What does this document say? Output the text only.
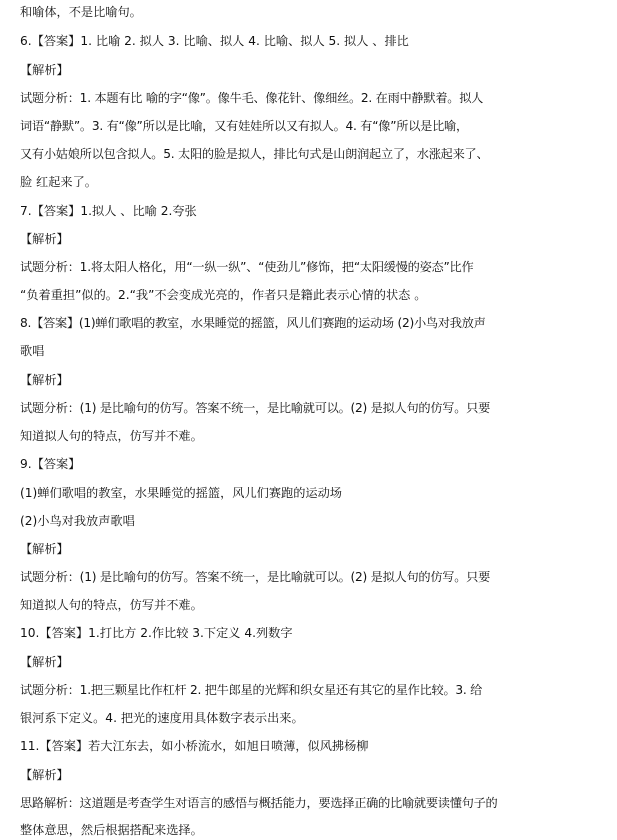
和喻体，不是比喻句。

6.【答案】1. 比喻 2. 拟人 3. 比喻、拟人 4. 比喻、拟人 5. 拟人 、排比

【解析】

试题分析：1. 本题有比 喻的字“像”。像牛毛、像花针、像细丝。2. 在雨中静默着。拟人

词语“静默”。3. 有“像”所以是比喻，又有娃娃所以又有拟人。4. 有“像”所以是比喻，

又有小姑娘所以包含拟人。5. 太阳的脸是拟人，排比句式是山朗润起立了，水涨起来了、

脸 红起来了。

7.【答案】1.拟人 、比喻 2.夸张

【解析】

试题分析：1.将太阳人格化，用“一纵一纵”、“使劲儿”修饰，把“太阳缓慢的姿态”比作

“负着重担”似的。2.“我”不会变成光亮的，作者只是籍此表示心情的状态 。

8.【答案】(1)蝉们歌唱的教室，水果睡觉的摇篮，风儿们赛跑的运动场 (2)小鸟对我放声

歌唱

【解析】

试题分析：(1) 是比喻句的仿写。答案不统一，是比喻就可以。(2) 是拟人句的仿写。只要

知道拟人句的特点，仿写并不难。

9.【答案】

(1)蝉们歌唱的教室，水果睡觉的摇篮，风儿们赛跑的运动场

(2)小鸟对我放声歌唱

【解析】

试题分析：(1) 是比喻句的仿写。答案不统一，是比喻就可以。(2) 是拟人句的仿写。只要

知道拟人句的特点，仿写并不难。

10.【答案】1.打比方 2.作比较 3.下定义 4.列数字

【解析】

试题分析：1.把三颗星比作杠杆 2. 把牛郎星的光辉和织女星还有其它的星作比较。3. 给

银河系下定义。4. 把光的速度用具体数字表示出来。

11.【答案】若大江东去，如小桥流水，如旭日喷薄，似风拂杨柳

【解析】

思路解析：这道题是考查学生对语言的感悟与概括能力，要选择正确的比喻就要读懂句子的

整体意思，然后根据搭配来选择。
